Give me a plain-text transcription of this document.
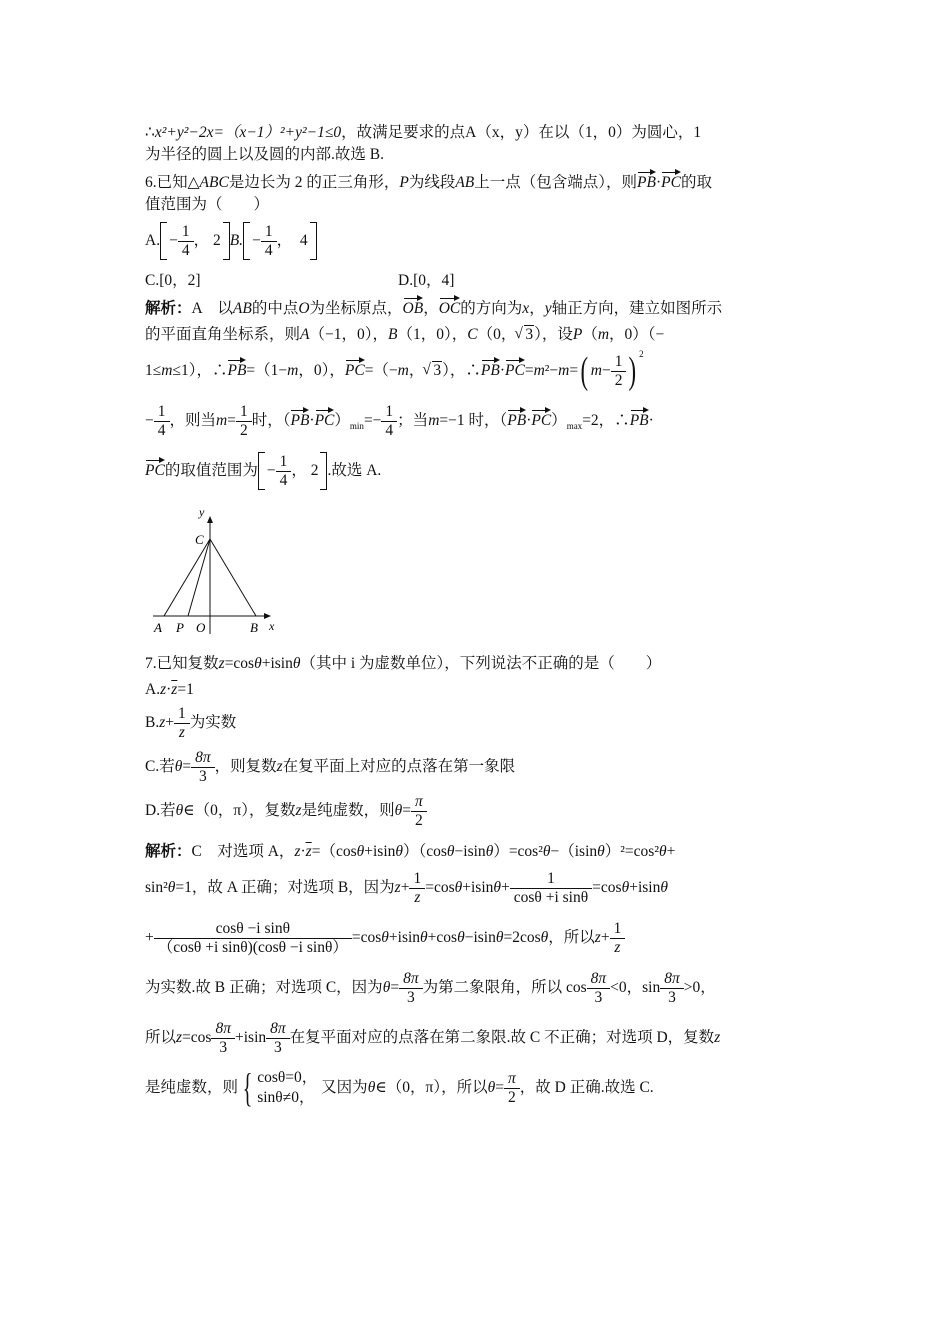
∴x²+y²−2x=（x−1）²+y²−1≤0，故满足要求的点A（x，y）在以（1，0）为圆心，1

为半径的圆上以及圆的内部.故选 B.

6.已知△ABC是边长为 2 的正三角形，P为线段AB上一点（包含端点），则PB·PC的取

值范围为（　　）

A. − $\frac{1}{4}$ ， 2 B. − $\frac{1}{4}$ ， 4

C.[0，2]	D.[0，4]

解析：A　以AB的中点O为坐标原点，OB，OC的方向为x，y轴正方向，建立如图所示

的平面直角坐标系，则A（−1，0），B（1，0），C（0， √ 3），设P（m，0）（−

1≤m≤1），∴PB=（1−m，0），PC=（−m， √ 3），∴PB·PC=m²−m=( $m- \frac{1}{2}$ ) $^2$

− $\frac{1}{4}$ ，则当$m= \frac{1}{2}$ 时，$(PB\cdot PC)_{min}=- \frac{1}{4}$ ；当m=−1 时，$(PB\cdot PC)_{max}=2$，∴PB·

PC的取值范围为 − $\frac{1}{4}$ ， 2 .故选 A.

y
x
C
A P O	B

7.已知复数z=cosθ+isinθ（其中 i 为虚数单位），下列说法不正确的是（　　）

$A.z\cdot\overline{z}=1$

$B.z+ \frac{1}{z}$ 为实数

C.若$\theta= \frac{8\pi}{3}$ ，则复数z在复平面上对应的点落在第一象限

D.若θ∈（0，π），复数z是纯虚数，则$\theta= \frac{\pi}{2}$

解析：C　对选项 A，$z\cdot\overline{z}=(\cos\theta+isin\theta)(\cos\theta-isin\theta)=\cos^2\theta-(isin\theta)^2=\cos^2\theta+$

sin²θ=1，故 A 正确；对选项 B，因为$z+ \frac{1}{z} =\cos\theta+isin\theta+ \frac{1}{\text{cosθ +i sinθ}} =\cos\theta+isin\theta$

+ $\frac{\text{cosθ −i sinθ}}{\text{（cosθ +i sinθ)(cosθ −i sinθ）}} =\cos\theta+isin\theta+\cos\theta-isin\theta=2\cos\theta$，所以$z+ \frac{1}{z}$

为实数.故 B 正确；对选项 C，因为$\theta= \frac{8\pi}{3}$ 为第二象限角，所以 $\cos \frac{8\pi}{3} <0$，$\sin \frac{8\pi}{3} >0$，

所以$z=\cos \frac{8\pi}{3} +isin \frac{8\pi}{3}$ 在复平面对应的点落在第二象限.故 C 不正确；对选项 D，复数z

是纯虚数，则 { cosθ=0，
sinθ≠0，
又因为θ∈（0，π），所以$\theta= \frac{\pi}{2}$ ，故 D 正确.故选 C.
